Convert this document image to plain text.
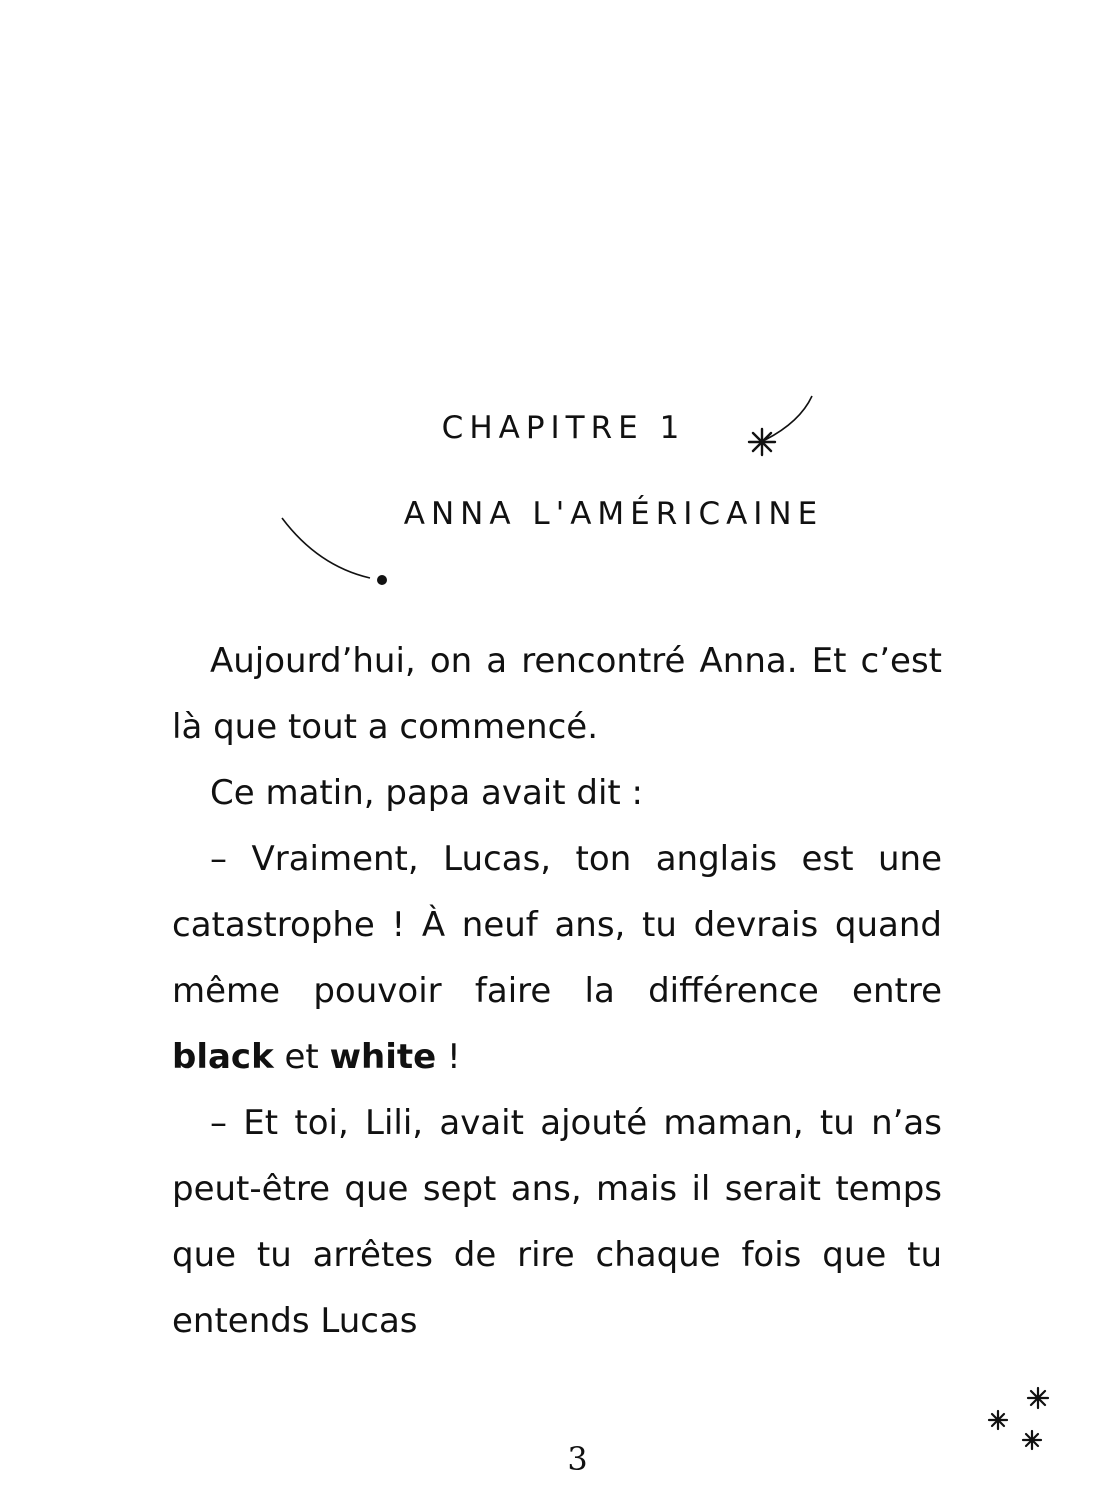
CHAPITRE 1
ANNA L'AMÉRICAINE

Aujourd’hui, on a rencontré Anna. Et c’est là que tout a commencé.

Ce matin, papa avait dit :

– Vraiment, Lucas, ton anglais est une catastrophe ! À neuf ans, tu devrais quand même pouvoir faire la différence entre black et white !

– Et toi, Lili, avait ajouté maman, tu n’as peut-être que sept ans, mais il serait temps que tu arrêtes de rire chaque fois que tu entends Lucas

3
